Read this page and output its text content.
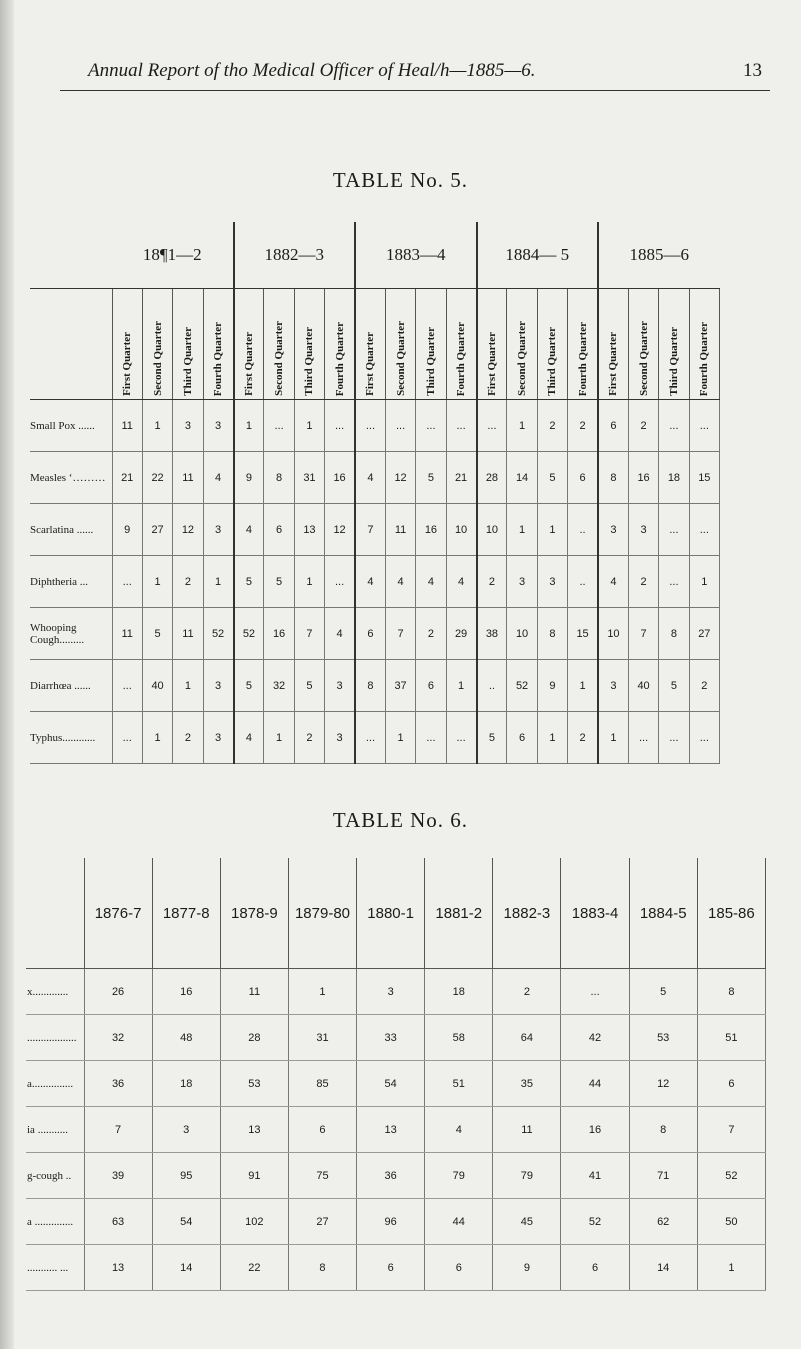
Annual Report of tho Medical Officer of Heal/h—1885—6.	13
TABLE No. 5.
	18¶1—2				1882—3				1883—4				1884— 5				1885—6			
	First Quarter	Second Quarter	Third Quarter	Fourth Quarter	First Quarter	Second Quarter	Third Quarter	Fourth Quarter	First Quarter	Second Quarter	Third Quarter	Fourth Quarter	First Quarter	Second Quarter	Third Quarter	Fourth Quarter	First Quarter	Second Quarter	Third Quarter	Fourth Quarter
Small Pox ......	11	1	3	3	1	...	1	...	...	...	...	...	...	1	2	2	6	2	...	...
Measles ‘………	21	22	11	4	9	8	31	16	4	12	5	21	28	14	5	6	8	16	18	15
Scarlatina ......	9	27	12	3	4	6	13	12	7	11	16	10	10	1	1	..	3	3	...	...
Diphtheria ...	...	1	2	1	5	5	1	...	4	4	4	4	2	3	3	..	4	2	...	1
Whooping Cough.........	11	5	11	52	52	16	7	4	6	7	2	29	38	10	8	15	10	7	8	27
Diarrhœa ......	...	40	1	3	5	32	5	3	8	37	6	1	..	52	9	1	3	40	5	2
Typhus............	...	1	2	3	4	1	2	3	...	1	...	...	5	6	1	2	1	...	...	...
TABLE No. 6.
	1876-7	1877-8	1878-9	1879-80	1880-1	1881-2	1882-3	1883-4	1884-5	185-86
x.............	26	16	11	1	3	18	2	...	5	8
..................	32	48	28	31	33	58	64	42	53	51
a...............	36	18	53	85	54	51	35	44	12	6
ia ...........	7	3	13	6	13	4	11	16	8	7
g-cough ..	39	95	91	75	36	79	79	41	71	52
a ..............	63	54	102	27	96	44	45	52	62	50
........... ...	13	14	22	8	6	6	9	6	14	1
